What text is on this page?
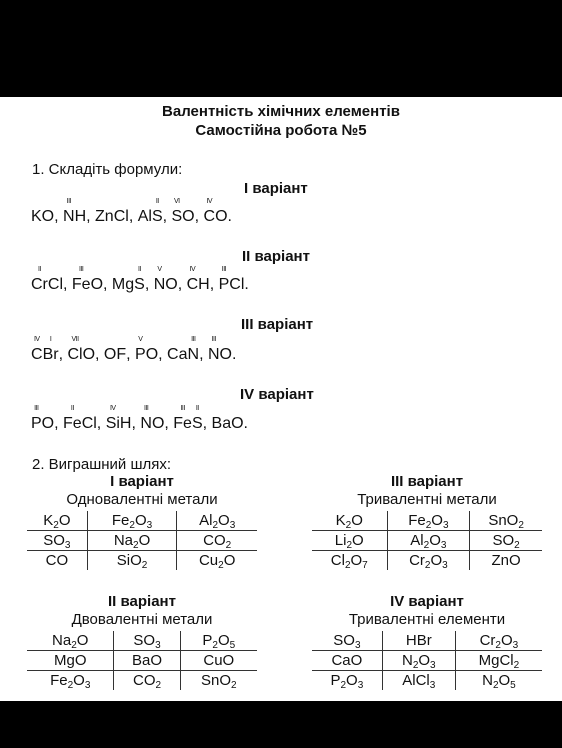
Валентність хімічних елементів
Самостійна робота №5
1. Складіть формули:
I варіант
KO, N
III
H, ZnCl, AlS
II
, S
VI
O, C
IV
O.
II варіант
Cr
II
Cl, Fe
III
O, MgS
II
, N
V
O, C
IV
H, P
III
Cl.
III варіант
C
IV
Br
I
, Cl
VII
O, OF, P
V
O, CaN
III
, N
III
O.
IV варіант
P
III
O, Fe
II
Cl, Si
IV
H, N
III
O, Fe
III
S
II
, BaO.
2. Виграшний шлях:
I варіант
Одновалентні метали
$K_2O$	$Fe_2O_3$	$Al_2O_3$
$SO_3$	$Na_2O$	$CO_2$
CO	SiO$_2$	$Cu_2O$
III варіант
Тривалентні метали
$K_2O$	$Fe_2O_3$	SnO$_2$
$Li_2O$	$Al_2O_3$	$SO_2$
$Cl_2O_7$	$Cr_2O_3$	ZnO
II варіант
Двовалентні метали
$Na_2O$	$SO_3$	$P_2O_5$
MgO	BaO	CuO
$Fe_2O_3$	$CO_2$	SnO$_2$
IV варіант
Тривалентні елементи
$SO_3$	HBr	$Cr_2O_3$
CaO	$N_2O_3$	MgCl$_2$
$P_2O_3$	AlCl$_3$	$N_2O_5$
